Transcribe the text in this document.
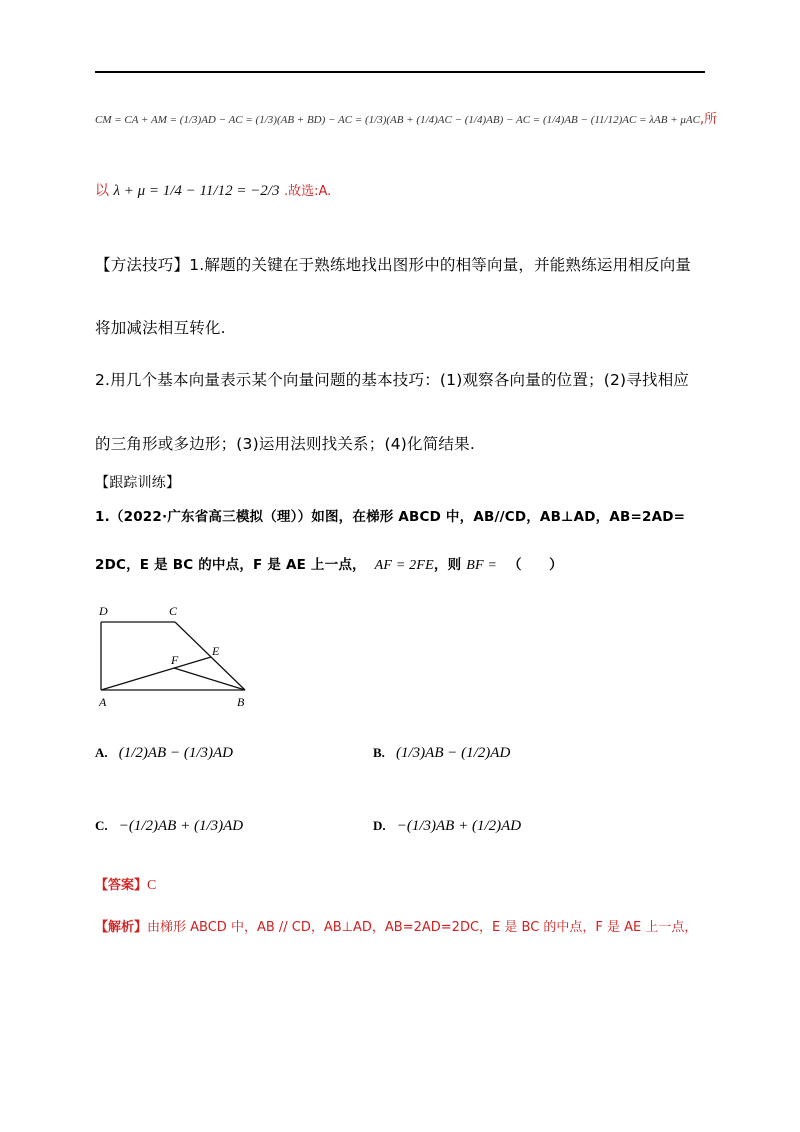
CM = CA + AM = (1/3)AD − AC = (1/3)(AB + BD) − AC = (1/3)(AB + (1/4)AC − (1/4)AB) − AC = (1/4)AB − (11/12)AC = λAB + μAC,所
以 λ + μ = 1/4 − 11/12 = −2/3 .故选:A.
【方法技巧】1.解题的关键在于熟练地找出图形中的相等向量，并能熟练运用相反向量
将加减法相互转化.
2.用几个基本向量表示某个向量问题的基本技巧：(1)观察各向量的位置；(2)寻找相应
的三角形或多边形；(3)运用法则找关系；(4)化简结果.
【跟踪训练】
1.（2022·广东省高三模拟（理））如图，在梯形 ABCD 中，AB//CD，AB⊥AD，AB=2AD=
2DC，E 是 BC 的中点，F 是 AE 上一点， AF = 2FE，则 BF = （　　）
D	C
E
F
A	B
A. (1/2)AB − (1/3)AD	B. (1/3)AB − (1/2)AD
C. −(1/2)AB + (1/3)AD	D. −(1/3)AB + (1/2)AD
【答案】C
【解析】由梯形 ABCD 中，AB // CD，AB⊥AD，AB=2AD=2DC，E 是 BC 的中点，F 是 AE 上一点，
